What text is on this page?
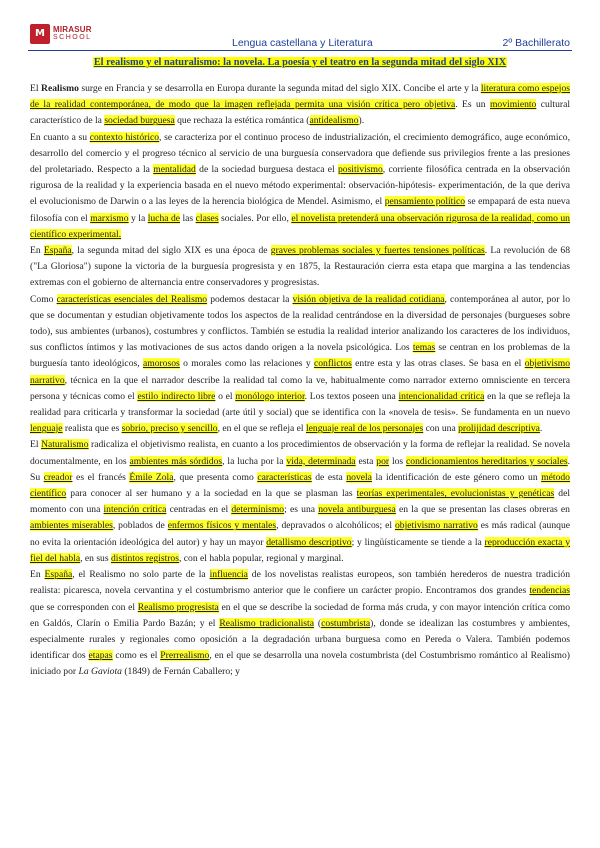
M	MIRASUR
SCHOOL	Lengua castellana y Literatura	2º Bachillerato
El realismo y el naturalismo: la novela. La poesía y el teatro en la segunda mitad del siglo XIX

El Realismo surge en Francia y se desarrolla en Europa durante la segunda mitad del siglo XIX. Concibe el arte y la literatura como espejos de la realidad contemporánea, de modo que la imagen reflejada permita una visión crítica pero objetiva. Es un movimiento cultural característico de la sociedad burguesa que rechaza la estética romántica (antidealismo).

En cuanto a su contexto histórico, se caracteriza por el continuo proceso de industrialización, el crecimiento demográfico, auge económico, desarrollo del comercio y el progreso técnico al servicio de una burguesía conservadora que defiende sus privilegios frente a las presiones del proletariado. Respecto a la mentalidad de la sociedad burguesa destaca el positivismo, corriente filosófica centrada en la observación rigurosa de la realidad y la experiencia basada en el nuevo método experimental: observación-hipótesis- experimentación, de la que deriva el evolucionismo de Darwin o a las leyes de la herencia biológica de Mendel. Asimismo, el pensamiento político se empapará de esta nueva filosofía con el marxismo y la lucha de las clases sociales. Por ello, el novelista pretenderá una observación rigurosa de la realidad, como un científico experimental.

En España, la segunda mitad del siglo XIX es una época de graves problemas sociales y fuertes tensiones políticas. La revolución de 68 ("La Gloriosa") supone la victoria de la burguesía progresista y en 1875, la Restauración cierra esta etapa que margina a las tendencias extremas con el gobierno de alternancia entre conservadores y progresistas.

Como características esenciales del Realismo podemos destacar la visión objetiva de la realidad cotidiana, contemporánea al autor, por lo que se documentan y estudian objetivamente todos los aspectos de la realidad centrándose en la diversidad de personajes (burgueses sobre todo), sus ambientes (urbanos), costumbres y conflictos. También se estudia la realidad interior analizando los caracteres de los individuos, sus conflictos íntimos y las motivaciones de sus actos dando origen a la novela psicológica. Los temas se centran en los problemas de la burguesía tanto ideológicos, amorosos o morales como las relaciones y conflictos entre esta y las otras clases. Se basa en el objetivismo narrativo, técnica en la que el narrador describe la realidad tal como la ve, habitualmente como narrador externo omnisciente en tercera persona y técnicas como el estilo indirecto libre o el monólogo interior. Los textos poseen una intencionalidad crítica en la que se refleja la realidad para criticarla y transformar la sociedad (arte útil y social) que se identifica con la «novela de tesis». Se fundamenta en un nuevo lenguaje realista que es sobrio, preciso y sencillo, en el que se refleja el lenguaje real de los personajes con una prolijidad descriptiva.

El Naturalismo radicaliza el objetivismo realista, en cuanto a los procedimientos de observación y la forma de reflejar la realidad. Se novela documentalmente, en los ambientes más sórdidos, la lucha por la vida, determinada esta por los condicionamientos hereditarios y sociales. Su creador es el francés Émile Zola, que presenta como características de esta novela la identificación de este género como un método científico para conocer al ser humano y a la sociedad en la que se plasman las teorías experimentales, evolucionistas y genéticas del momento con una intención crítica centradas en el determinismo; es una novela antiburguesa en la que se presentan las clases obreras en ambientes miserables, poblados de enfermos físicos y mentales, depravados o alcohólicos; el objetivismo narrativo es más radical (aunque no evita la orientación ideológica del autor) y hay un mayor detallismo descriptivo; y lingüísticamente se tiende a la reproducción exacta y fiel del habla, en sus distintos registros, con el habla popular, regional y marginal.

En España, el Realismo no solo parte de la influencia de los novelistas realistas europeos, son también herederos de nuestra tradición realista: picaresca, novela cervantina y el costumbrismo anterior que le confiere un carácter propio. Encontramos dos grandes tendencias que se corresponden con el Realismo progresista en el que se describe la sociedad de forma más cruda, y con mayor intención crítica como en Galdós, Clarín o Emilia Pardo Bazán; y el Realismo tradicionalista (costumbrista), donde se idealizan las costumbres y ambientes, especialmente rurales y regionales como oposición a la degradación urbana burguesa como en Pereda o Valera. También podemos identificar dos etapas como es el Prerrealismo, en el que se desarrolla una novela costumbrista (del Costumbrismo romántico al Realismo) iniciado por La Gaviota (1849) de Fernán Caballero; y
